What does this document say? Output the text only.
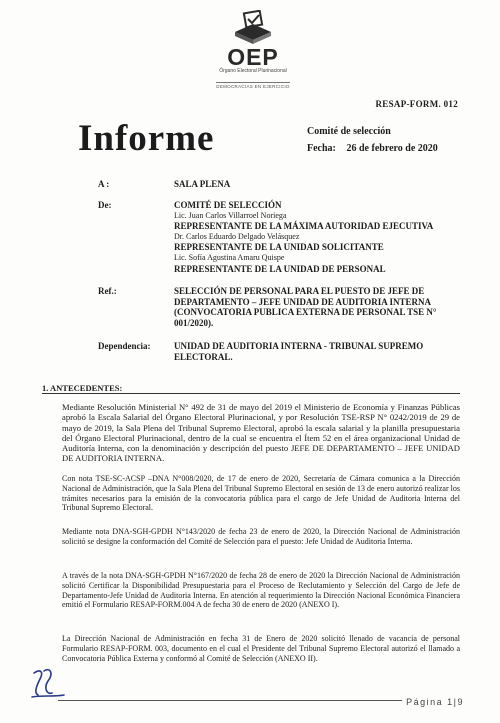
OEP
Órgano Electoral Plurinacional
DEMOCRACIAS EN EJERCICIO
RESAP-FORM. 012
Informe	Comité de selección
Fecha: 26 de febrero de 2020
A :	SALA PLENA
De:	COMITÉ DE SELECCIÓN
Lic. Juan Carlos Villarroel Noriega
REPRESENTANTE DE LA MÁXIMA AUTORIDAD EJECUTIVA
Dr. Carlos Eduardo Delgado Velásquez
REPRESENTANTE DE LA UNIDAD SOLICITANTE
Lic. Sofía Agustina Amaru Quispe
REPRESENTANTE DE LA UNIDAD DE PERSONAL
Ref.:	SELECCIÓN DE PERSONAL PARA EL PUESTO DE JEFE DE DEPARTAMENTO – JEFE UNIDAD DE AUDITORIA INTERNA (CONVOCATORIA PUBLICA EXTERNA DE PERSONAL TSE N° 001/2020).
Dependencia:	UNIDAD DE AUDITORIA INTERNA - TRIBUNAL SUPREMO ELECTORAL.
1. ANTECEDENTES:
Mediante Resolución Ministerial N° 492 de 31 de mayo del 2019 el Ministerio de Economía y Finanzas Públicas aprobó la Escala Salarial del Órgano Electoral Plurinacional, y por Resolución TSE-RSP N° 0242/2019 de 29 de mayo de 2019, la Sala Plena del Tribunal Supremo Electoral, aprobó la escala salarial y la planilla presupuestaria del Órgano Electoral Plurinacional, dentro de la cual se encuentra el Ítem 52 en el área organizacional Unidad de Auditoría Interna, con la denominación y descripción del puesto JEFE DE DEPARTAMENTO – JEFE UNIDAD DE AUDITORIA INTERNA.
Con nota TSE-SC-ACSP –DNA N°008/2020, de 17 de enero de 2020, Secretaría de Cámara comunica a la Dirección Nacional de Administración, que la Sala Plena del Tribunal Supremo Electoral en sesión de 13 de enero autorizó realizar los trámites necesarios para la emisión de la convocatoria pública para el cargo de Jefe Unidad de Auditoria Interna del Tribunal Supremo Electoral.
Mediante nota DNA-SGH-GPDH N°143/2020 de fecha 23 de enero de 2020, la Dirección Nacional de Administración solicitó se designe la conformación del Comité de Selección para el puesto: Jefe Unidad de Auditoria Interna.
A través de la nota DNA-SGH-GPDH N°167/2020 de fecha 28 de enero de 2020 la Dirección Nacional de Administración solicitó Certificar la Disponibilidad Presupuestaria para el Proceso de Reclutamiento y Selección del Cargo de Jefe de Departamento-Jefe Unidad de Auditoria Interna. En atención al requerimiento la Dirección Nacional Económica Financiera emitió el Formulario RESAP-FORM.004 A de fecha 30 de enero de 2020 (ANEXO I).
La Dirección Nacional de Administración en fecha 31 de Enero de 2020 solicitó llenado de vacancia de personal Formulario RESAP-FORM. 003, documento en el cual el Presidente del Tribunal Supremo Electoral autorizó el llamado a Convocatoria Pública Externa y conformó al Comité de Selección (ANEXO II).
Página 1|9
